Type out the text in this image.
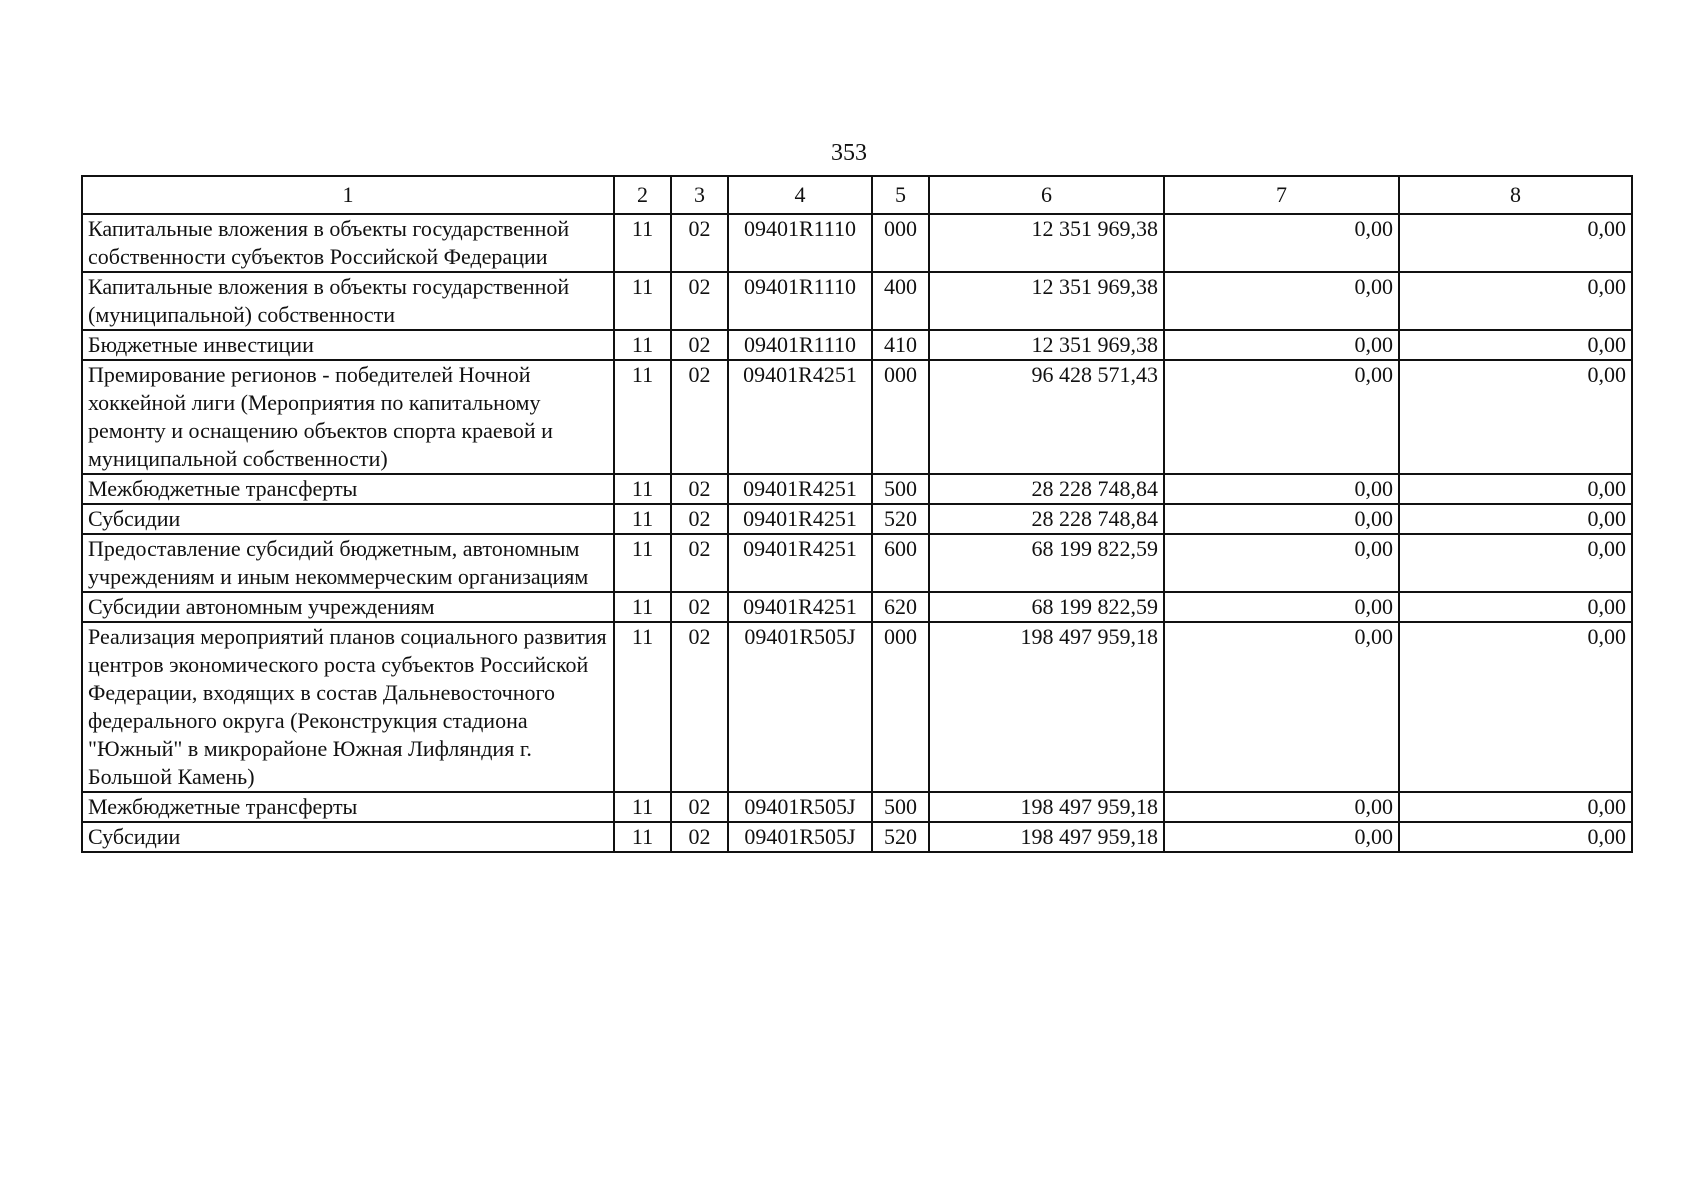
353
1	2	3	4	5	6	7	8
Капитальные вложения в объекты государственной собственности субъектов Российской Федерации	11	02	09401R1110	000	12 351 969,38	0,00	0,00
Капитальные вложения в объекты государственной (муниципальной) собственности	11	02	09401R1110	400	12 351 969,38	0,00	0,00
Бюджетные инвестиции	11	02	09401R1110	410	12 351 969,38	0,00	0,00
Премирование регионов - победителей Ночной хоккейной лиги (Мероприятия по капитальному ремонту и оснащению объектов спорта краевой и муниципальной собственности)	11	02	09401R4251	000	96 428 571,43	0,00	0,00
Межбюджетные трансферты	11	02	09401R4251	500	28 228 748,84	0,00	0,00
Субсидии	11	02	09401R4251	520	28 228 748,84	0,00	0,00
Предоставление субсидий бюджетным, автономным учреждениям и иным некоммерческим организациям	11	02	09401R4251	600	68 199 822,59	0,00	0,00
Субсидии автономным учреждениям	11	02	09401R4251	620	68 199 822,59	0,00	0,00
Реализация мероприятий планов социального развития центров экономического роста субъектов Российской Федерации, входящих в состав Дальневосточного федерального округа (Реконструкция стадиона "Южный" в микрорайоне Южная Лифляндия г. Большой Камень)	11	02	09401R505J	000	198 497 959,18	0,00	0,00
Межбюджетные трансферты	11	02	09401R505J	500	198 497 959,18	0,00	0,00
Субсидии	11	02	09401R505J	520	198 497 959,18	0,00	0,00
